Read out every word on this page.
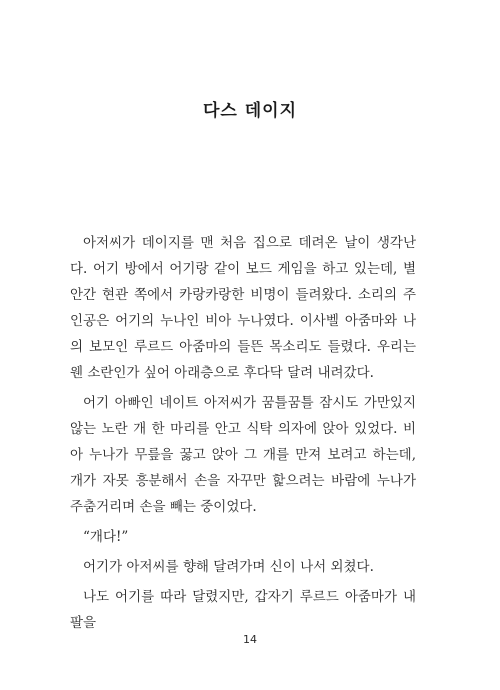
다스 데이지

아저씨가 데이지를 맨 처음 집으로 데려온 날이 생각난다. 어기 방에서 어기랑 같이 보드 게임을 하고 있는데, 별안간 현관 쪽에서 카랑카랑한 비명이 들려왔다. 소리의 주인공은 어기의 누나인 비아 누나였다. 이사벨 아줌마와 나의 보모인 루르드 아줌마의 들뜬 목소리도 들렸다. 우리는 웬 소란인가 싶어 아래층으로 후다닥 달려 내려갔다.

어기 아빠인 네이트 아저씨가 꿈틀꿈틀 잠시도 가만있지 않는 노란 개 한 마리를 안고 식탁 의자에 앉아 있었다. 비아 누나가 무릎을 꿇고 앉아 그 개를 만져 보려고 하는데, 개가 자못 흥분해서 손을 자꾸만 핥으려는 바람에 누나가 주춤거리며 손을 빼는 중이었다.

“개다!”

어기가 아저씨를 향해 달려가며 신이 나서 외쳤다.

나도 어기를 따라 달렸지만, 갑자기 루르드 아줌마가 내 팔을

14
